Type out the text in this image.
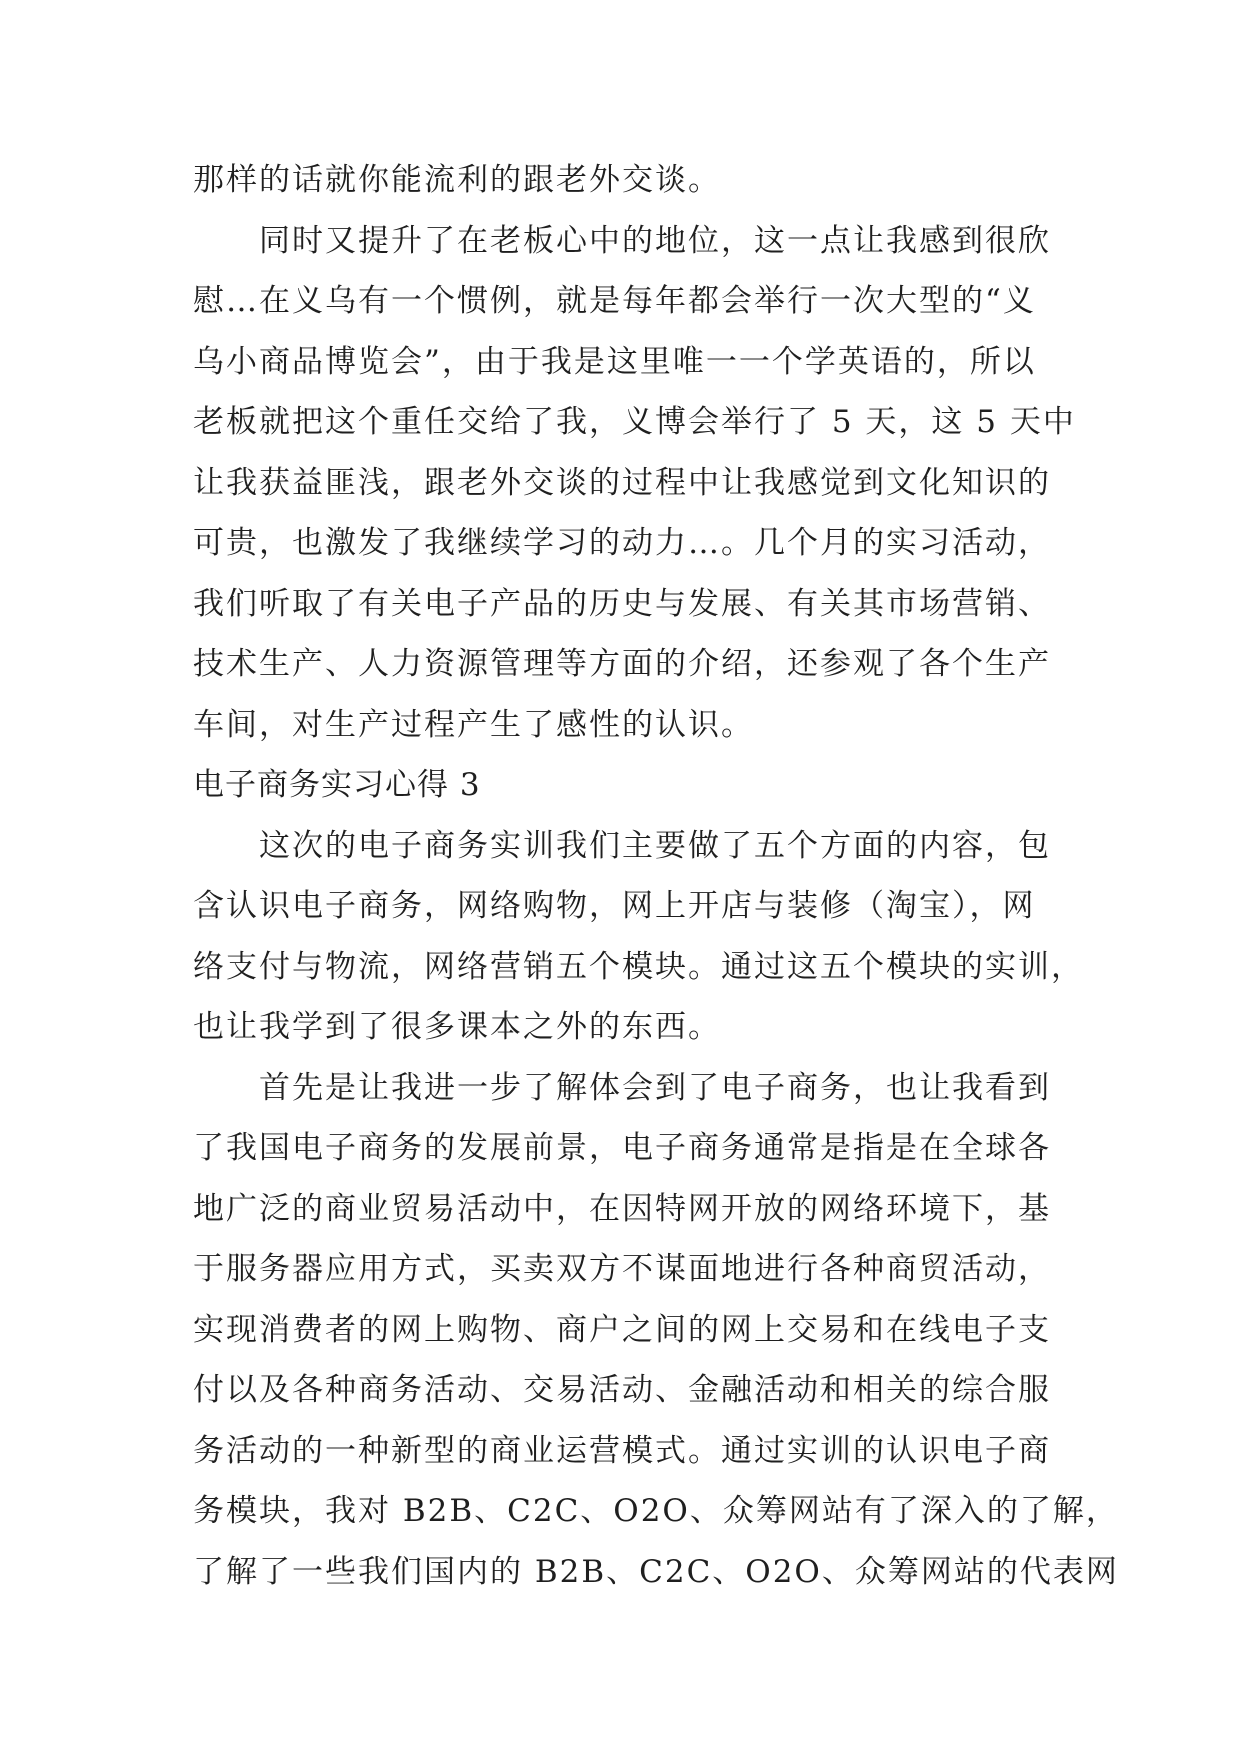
那样的话就你能流利的跟老外交谈。
同时又提升了在老板心中的地位，这一点让我感到很欣
慰…在义乌有一个惯例，就是每年都会举行一次大型的“义
乌小商品博览会”，由于我是这里唯一一个学英语的，所以
老板就把这个重任交给了我，义博会举行了 5 天，这 5 天中
让我获益匪浅，跟老外交谈的过程中让我感觉到文化知识的
可贵，也激发了我继续学习的动力…。几个月的实习活动，
我们听取了有关电子产品的历史与发展、有关其市场营销、
技术生产、人力资源管理等方面的介绍，还参观了各个生产
车间，对生产过程产生了感性的认识。
电子商务实习心得 3
这次的电子商务实训我们主要做了五个方面的内容，包
含认识电子商务，网络购物，网上开店与装修（淘宝），网
络支付与物流，网络营销五个模块。通过这五个模块的实训，
也让我学到了很多课本之外的东西。
首先是让我进一步了解体会到了电子商务，也让我看到
了我国电子商务的发展前景，电子商务通常是指是在全球各
地广泛的商业贸易活动中，在因特网开放的网络环境下，基
于服务器应用方式，买卖双方不谋面地进行各种商贸活动，
实现消费者的网上购物、商户之间的网上交易和在线电子支
付以及各种商务活动、交易活动、金融活动和相关的综合服
务活动的一种新型的商业运营模式。通过实训的认识电子商
务模块，我对 B2B、C2C、O2O、众筹网站有了深入的了解，
了解了一些我们国内的 B2B、C2C、O2O、众筹网站的代表网
